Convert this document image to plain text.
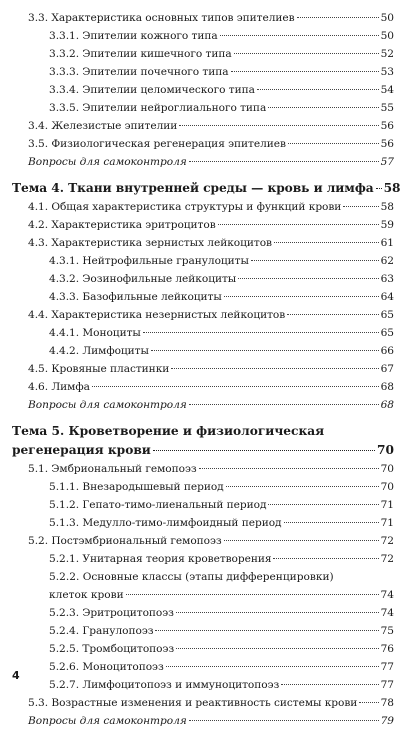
3.3. Характеристика основных типов эпителиев	50
3.3.1. Эпителии кожного типа	50
3.3.2. Эпителии кишечного типа	52
3.3.3. Эпителии почечного типа	53
3.3.4. Эпителии целомического типа	54
3.3.5. Эпителии нейроглиального типа	55
3.4. Железистые эпителии	56
3.5. Физиологическая регенерация эпителиев	56
Вопросы для самоконтроля	57
Тема 4. Ткани внутренней среды — кровь и лимфа 58
4.1. Общая характеристика структуры и функций крови	58
4.2. Характеристика эритроцитов	59
4.3. Характеристика зернистых лейкоцитов	61
4.3.1. Нейтрофильные гранулоциты	62
4.3.2. Эозинофильные лейкоциты	63
4.3.3. Базофильные лейкоциты	64
4.4. Характеристика незернистых лейкоцитов	65
4.4.1. Моноциты	65
4.4.2. Лимфоциты	66
4.5. Кровяные пластинки	67
4.6. Лимфа	68
Вопросы для самоконтроля	68
Тема 5. Кроветворение и физиологическая
регенерация крови	70
5.1. Эмбриональный гемопоэз	70
5.1.1. Внезародышевый период	70
5.1.2. Гепато-тимо-лиенальный период	71
5.1.3. Медулло-тимо-лимфоидный период	71
5.2. Постэмбриональный гемопоэз	72
5.2.1. Унитарная теория кроветворения	72
5.2.2. Основные классы (этапы дифференцировки)
клеток крови	74
5.2.3. Эритроцитопоэз	74
5.2.4. Гранулопоэз	75
5.2.5. Тромбоцитопоэз	76
5.2.6. Моноцитопоэз	77
5.2.7. Лимфоцитопоэз и иммуноцитопоэз	77
5.3. Возрастные изменения и реактивность системы крови 78
Вопросы для самоконтроля	79
4
